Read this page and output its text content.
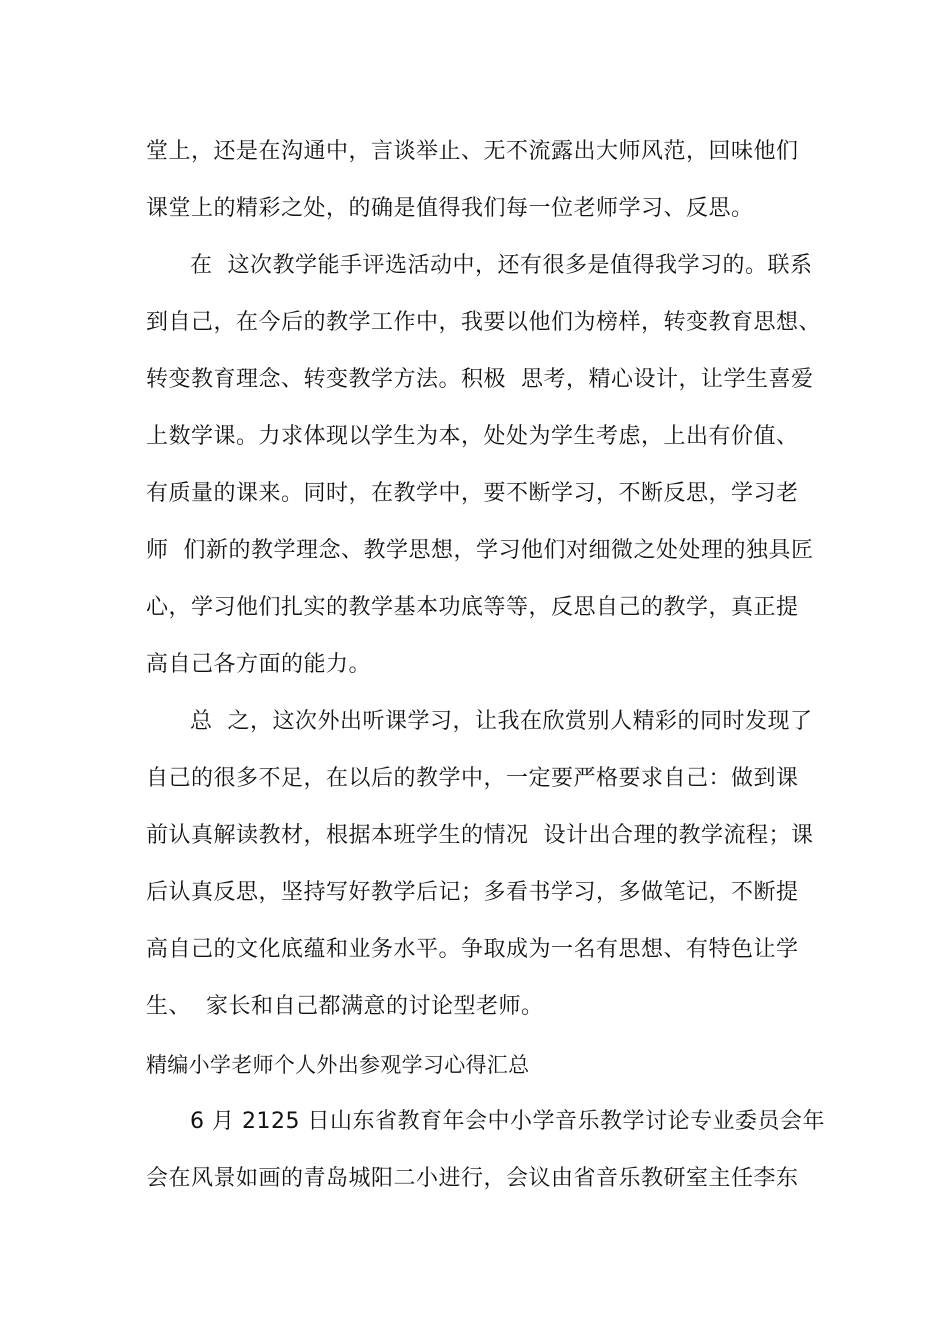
堂上，还是在沟通中，言谈举止、无不流露出大师风范，回味他们
课堂上的精彩之处，的确是值得我们每一位老师学习、反思。
在  这次教学能手评选活动中，还有很多是值得我学习的。联系
到自己，在今后的教学工作中，我要以他们为榜样，转变教育思想、
转变教育理念、转变教学方法。积极  思考，精心设计，让学生喜爱
上数学课。力求体现以学生为本，处处为学生考虑，上出有价值、
有质量的课来。同时，在教学中，要不断学习，不断反思，学习老
师  们新的教学理念、教学思想，学习他们对细微之处处理的独具匠
心，学习他们扎实的教学基本功底等等，反思自己的教学，真正提
高自己各方面的能力。
总  之，这次外出听课学习，让我在欣赏别人精彩的同时发现了
自己的很多不足，在以后的教学中，一定要严格要求自己：做到课
前认真解读教材，根据本班学生的情况  设计出合理的教学流程；课
后认真反思，坚持写好教学后记；多看书学习，多做笔记，不断提
高自己的文化底蕴和业务水平。争取成为一名有思想、有特色让学
生、  家长和自己都满意的讨论型老师。
精编小学老师个人外出参观学习心得汇总
6 月 2125 日山东省教育年会中小学音乐教学讨论专业委员会年
会在风景如画的青岛城阳二小进行，会议由省音乐教研室主任李东
